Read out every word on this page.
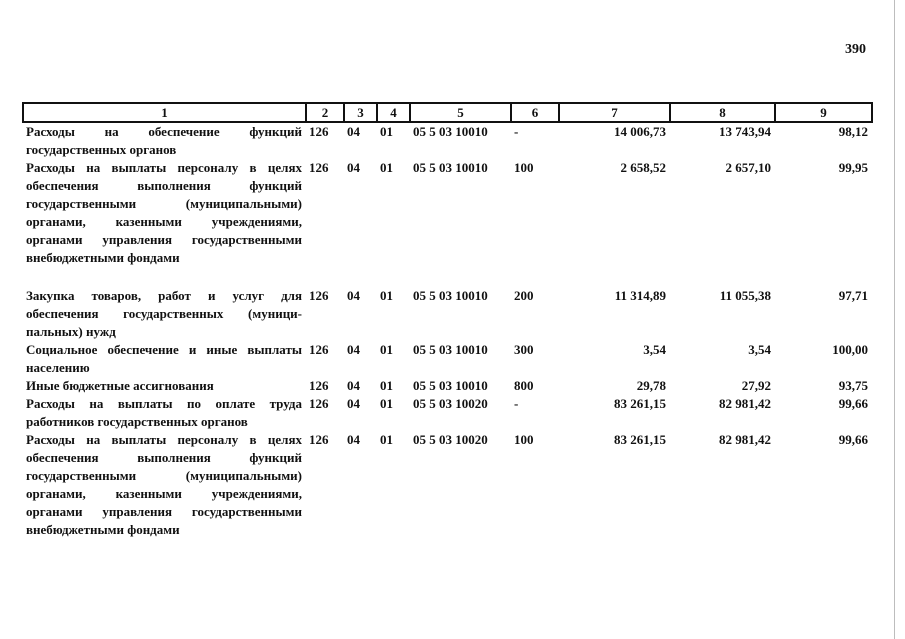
390
1	2	3	4	5	6	7	8	9
Расходы на обеспечение функций государственных органов	126	04	01	05 5 03 10010	-	14 006,73	13 743,94	98,12
Расходы на выплаты персоналу в целях обеспечения выполнения функций государственными (муниципальными) органами, казенными учреждениями, органами управления государственными внебюджетными фондами	126	04	01	05 5 03 10010	100	2 658,52	2 657,10	99,95

Закупка товаров, работ и услуг для обеспечения государственных (муници-пальных) нужд	126	04	01	05 5 03 10010	200	11 314,89	11 055,38	97,71
Социальное обеспечение и иные выплаты населению	126	04	01	05 5 03 10010	300	3,54	3,54	100,00
Иные бюджетные ассигнования	126	04	01	05 5 03 10010	800	29,78	27,92	93,75
Расходы на выплаты по оплате труда работников государственных органов	126	04	01	05 5 03 10020	-	83 261,15	82 981,42	99,66
Расходы на выплаты персоналу в целях обеспечения выполнения функций государственными (муниципальными) органами, казенными учреждениями, органами управления государственными внебюджетными фондами	126	04	01	05 5 03 10020	100	83 261,15	82 981,42	99,66
